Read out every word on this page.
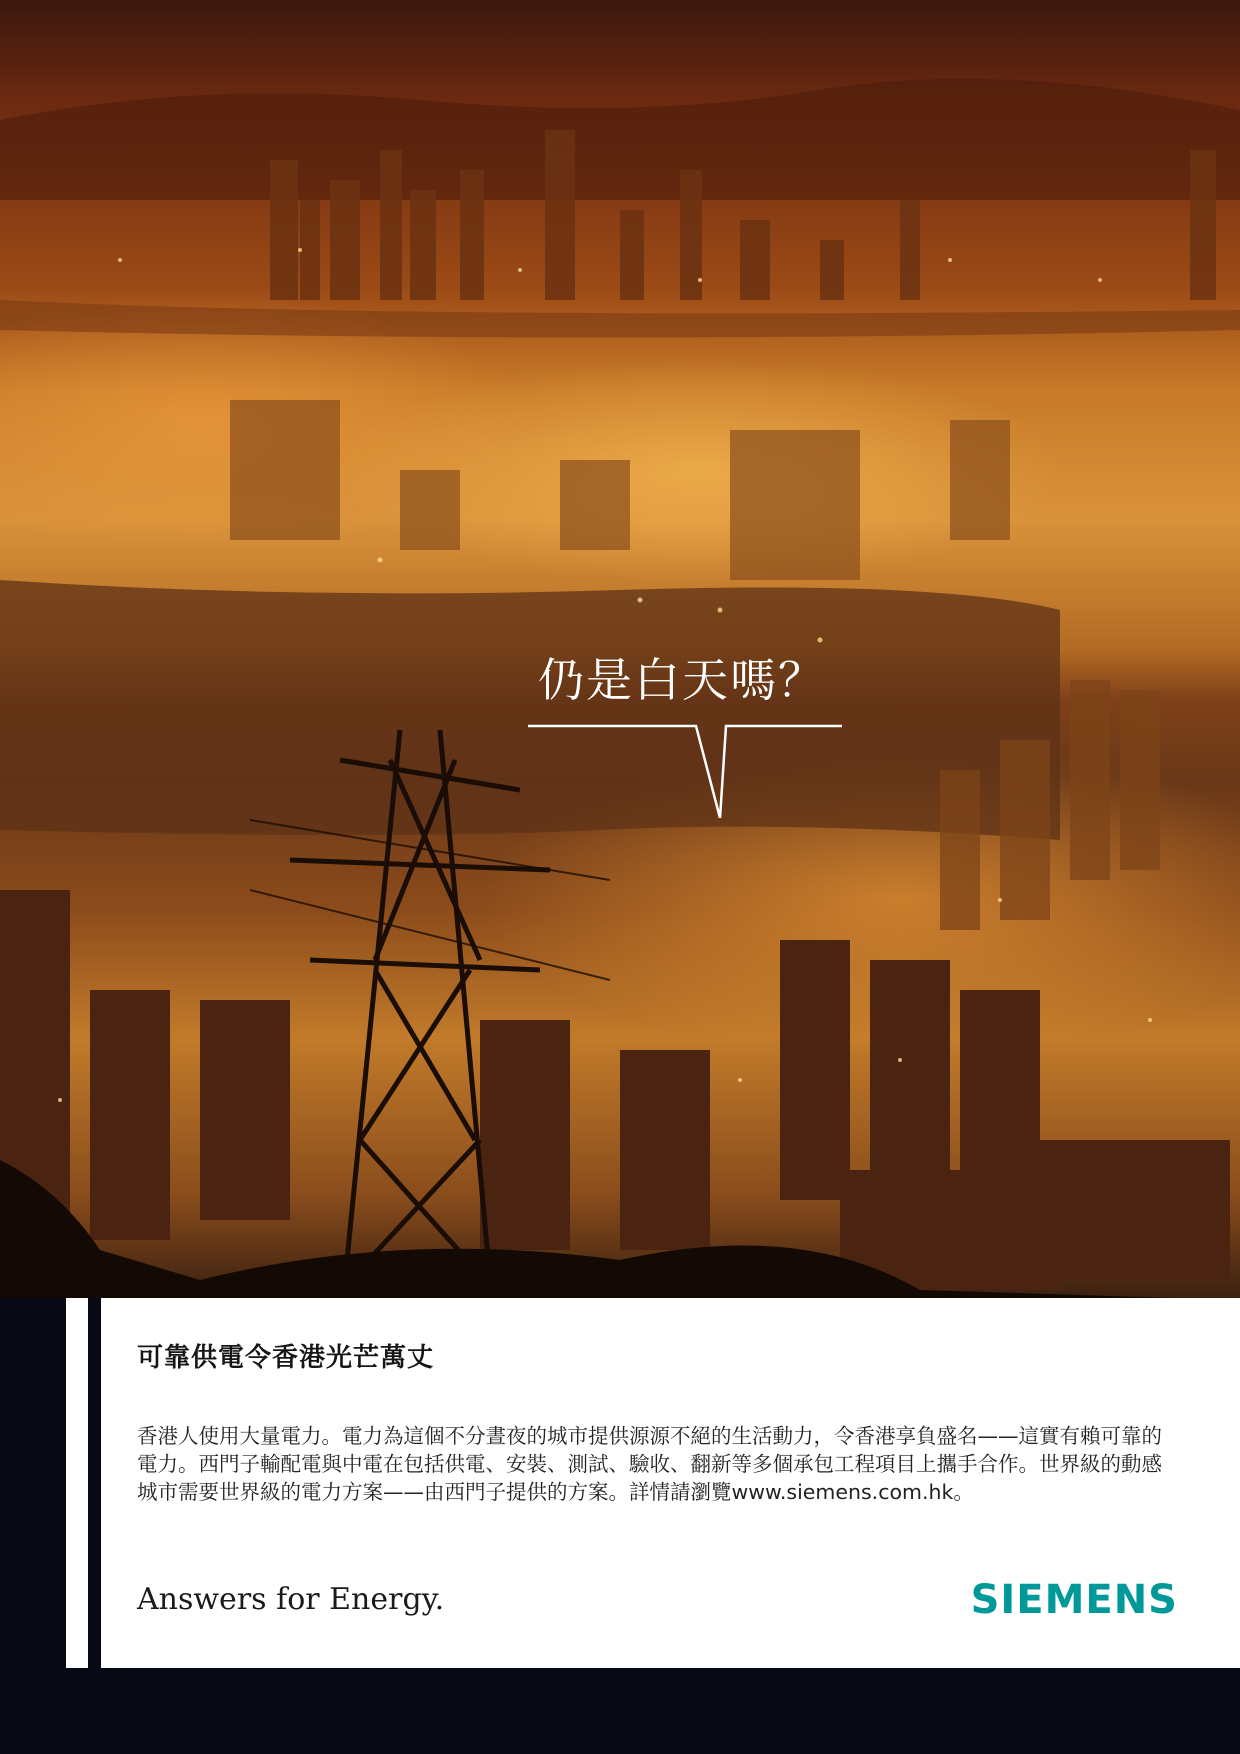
仍是白天嗎？
可靠供電令香港光芒萬丈
香港人使用大量電力。電力為這個不分晝夜的城市提供源源不絕的生活動力，令香港享負盛名——這實有賴可靠的電力。西門子輸配電與中電在包括供電、安裝、測試、驗收、翻新等多個承包工程項目上攜手合作。世界級的動感城市需要世界級的電力方案——由西門子提供的方案。詳情請瀏覽www.siemens.com.hk。
Answers for Energy.	SIEMENS
